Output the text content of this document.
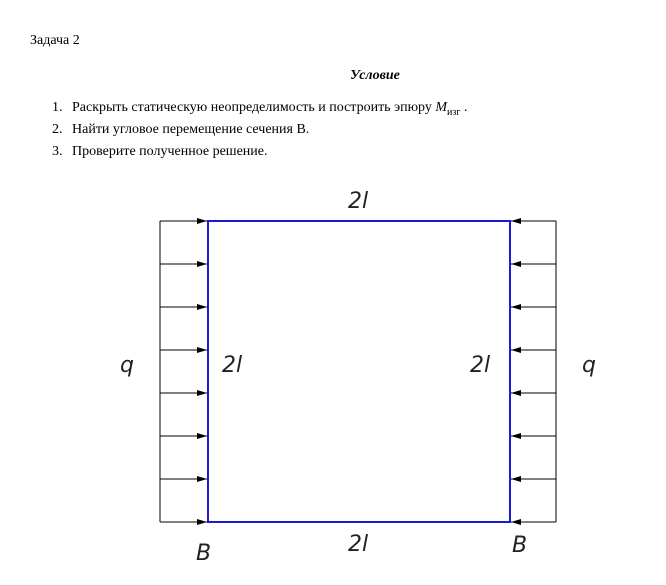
Задача 2
Условие
1. Раскрыть статическую неопределимость и построить эпюру $M_{изг}$ .
2. Найти угловое перемещение сечения В.
3. Проверите полученное решение.
2l
2l
2l	2l
q	q
B	B
